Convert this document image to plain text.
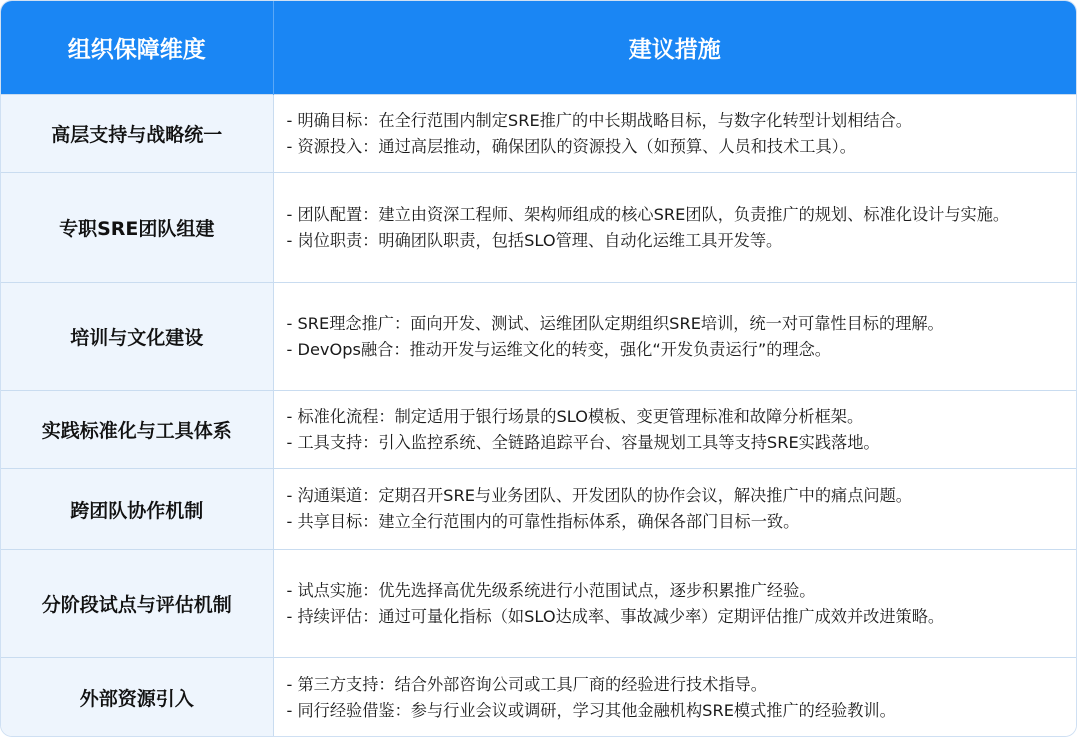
组织保障维度	建议措施
高层支持与战略统一	- 明确目标：在全行范围内制定SRE推广的中长期战略目标，与数字化转型计划相结合。
- 资源投入：通过高层推动，确保团队的资源投入（如预算、人员和技术工具）。

专职SRE团队组建	- 团队配置：建立由资深工程师、架构师组成的核心SRE团队，负责推广的规划、标准化设计与实施。
- 岗位职责：明确团队职责，包括SLO管理、自动化运维工具开发等。

培训与文化建设	- SRE理念推广：面向开发、测试、运维团队定期组织SRE培训，统一对可靠性目标的理解。
- DevOps融合：推动开发与运维文化的转变，强化“开发负责运行”的理念。

实践标准化与工具体系	- 标准化流程：制定适用于银行场景的SLO模板、变更管理标准和故障分析框架。
- 工具支持：引入监控系统、全链路追踪平台、容量规划工具等支持SRE实践落地。

跨团队协作机制	- 沟通渠道：定期召开SRE与业务团队、开发团队的协作会议，解决推广中的痛点问题。
- 共享目标：建立全行范围内的可靠性指标体系，确保各部门目标一致。

分阶段试点与评估机制	- 试点实施：优先选择高优先级系统进行小范围试点，逐步积累推广经验。
- 持续评估：通过可量化指标（如SLO达成率、事故减少率）定期评估推广成效并改进策略。

外部资源引入	- 第三方支持：结合外部咨询公司或工具厂商的经验进行技术指导。
- 同行经验借鉴：参与行业会议或调研，学习其他金融机构SRE模式推广的经验教训。
